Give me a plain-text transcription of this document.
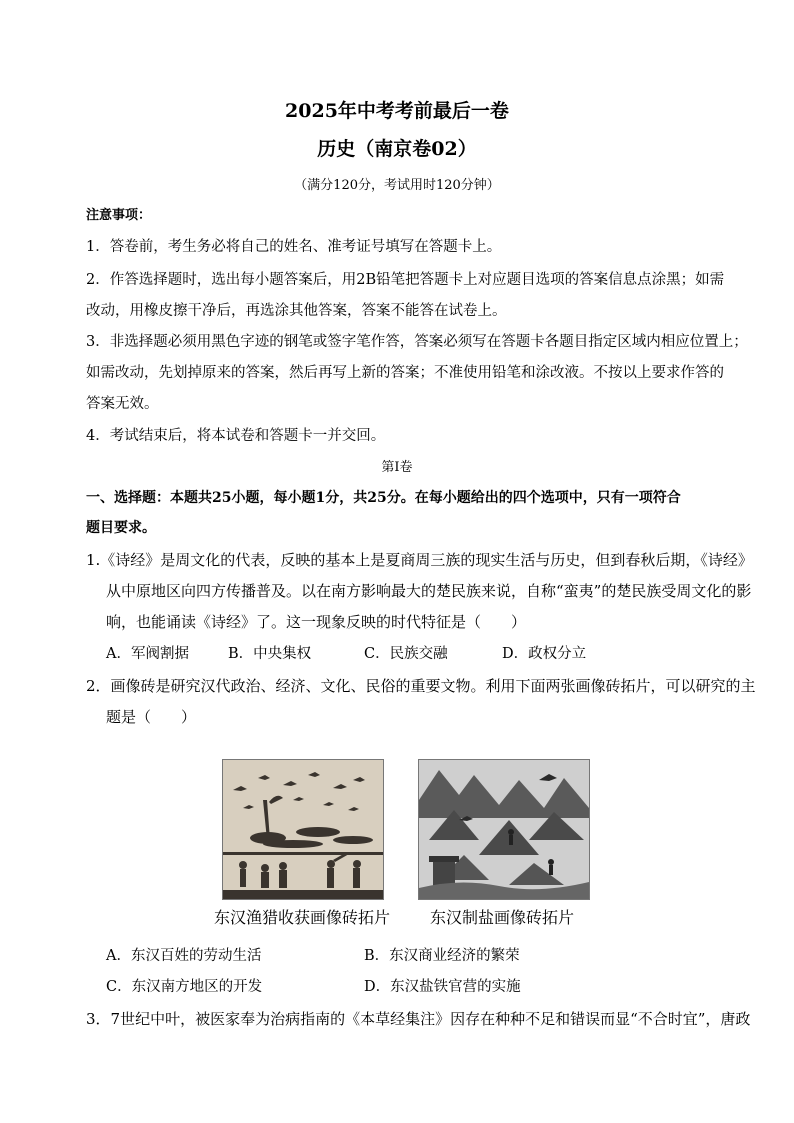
2025年中考考前最后一卷
历史（南京卷02）
（满分120分，考试用时120分钟）
注意事项：
1．答卷前，考生务必将自己的姓名、准考证号填写在答题卡上。
2．作答选择题时，选出每小题答案后，用2B铅笔把答题卡上对应题目选项的答案信息点涂黑；如需
改动，用橡皮擦干净后，再选涂其他答案，答案不能答在试卷上。
3．非选择题必须用黑色字迹的钢笔或签字笔作答，答案必须写在答题卡各题目指定区域内相应位置上；
如需改动，先划掉原来的答案，然后再写上新的答案；不准使用铅笔和涂改液。不按以上要求作答的
答案无效。
4．考试结束后，将本试卷和答题卡一并交回。
第Ⅰ卷
一、选择题：本题共25小题，每小题1分，共25分。在每小题给出的四个选项中，只有一项符合
题目要求。
1.《诗经》是周文化的代表，反映的基本上是夏商周三族的现实生活与历史，但到春秋后期，《诗经》
从中原地区向四方传播普及。以在南方影响最大的楚民族来说，自称“蛮夷”的楚民族受周文化的影
响，也能诵读《诗经》了。这一现象反映的时代特征是（　　）
A．军阀割据	B．中央集权	C．民族交融	D．政权分立
2．画像砖是研究汉代政治、经济、文化、民俗的重要文物。利用下面两张画像砖拓片，可以研究的主
题是（　　）
东汉渔猎收获画像砖拓片 东汉制盐画像砖拓片
A．东汉百姓的劳动生活	B．东汉商业经济的繁荣
C．东汉南方地区的开发	D．东汉盐铁官营的实施
3．7世纪中叶，被医家奉为治病指南的《本草经集注》因存在种种不足和错误而显“不合时宜”，唐政
